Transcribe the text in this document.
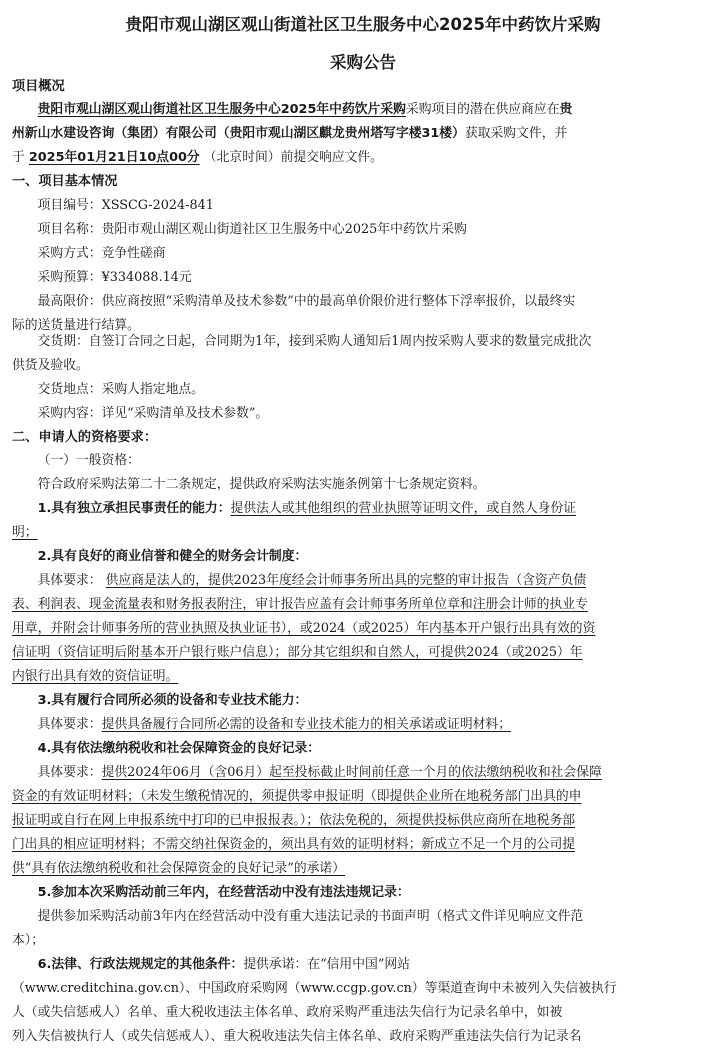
贵阳市观山湖区观山街道社区卫生服务中心2025年中药饮片采购
采购公告
项目概况
贵阳市观山湖区观山街道社区卫生服务中心2025年中药饮片采购采购项目的潜在供应商应在贵
州新山水建设咨询（集团）有限公司（贵阳市观山湖区麒龙贵州塔写字楼31楼）获取采购文件，并
于 2025年01月21日10点00分 （北京时间）前提交响应文件。
一、项目基本情况
项目编号：XSSCG-2024-841
项目名称：贵阳市观山湖区观山街道社区卫生服务中心2025年中药饮片采购
采购方式：竞争性磋商
采购预算：¥334088.14元
最高限价：供应商按照“采购清单及技术参数”中的最高单价限价进行整体下浮率报价，以最终实
际的送货量进行结算。
交货期：自签订合同之日起，合同期为1年，接到采购人通知后1周内按采购人要求的数量完成批次
供货及验收。
交货地点：采购人指定地点。
采购内容：详见“采购清单及技术参数”。
二、申请人的资格要求：
（一）一般资格：
符合政府采购法第二十二条规定，提供政府采购法实施条例第十七条规定资料。
1.具有独立承担民事责任的能力：提供法人或其他组织的营业执照等证明文件，或自然人身份证
明；
2.具有良好的商业信誉和健全的财务会计制度：
具体要求： 供应商是法人的，提供2023年度经会计师事务所出具的完整的审计报告（含资产负债
表、利润表、现金流量表和财务报表附注，审计报告应盖有会计师事务所单位章和注册会计师的执业专
用章，并附会计师事务所的营业执照及执业证书），或2024（或2025）年内基本开户银行出具有效的资
信证明（资信证明后附基本开户银行账户信息）；部分其它组织和自然人，可提供2024（或2025）年
内银行出具有效的资信证明。
3.具有履行合同所必须的设备和专业技术能力：
具体要求：提供具备履行合同所必需的设备和专业技术能力的相关承诺或证明材料；
4.具有依法缴纳税收和社会保障资金的良好记录：
具体要求：提供2024年06月（含06月）起至投标截止时间前任意一个月的依法缴纳税收和社会保障
资金的有效证明材料；（未发生缴税情况的，须提供零申报证明（即提供企业所在地税务部门出具的申
报证明或自行在网上申报系统中打印的已申报报表。）；依法免税的，须提供投标供应商所在地税务部
门出具的相应证明材料；不需交纳社保资金的，须出具有效的证明材料；新成立不足一个月的公司提
供“具有依法缴纳税收和社会保障资金的良好记录”的承诺）
5.参加本次采购活动前三年内，在经营活动中没有违法违规记录：
提供参加采购活动前3年内在经营活动中没有重大违法记录的书面声明（格式文件详见响应文件范
本）；
6.法律、行政法规规定的其他条件：提供承诺：在“信用中国”网站
（www.creditchina.gov.cn）、中国政府采购网（www.ccgp.gov.cn）等渠道查询中未被列入失信被执行
人（或失信惩戒人）名单、重大税收违法主体名单、政府采购严重违法失信行为记录名单中，如被
列入失信被执行人（或失信惩戒人）、重大税收违法失信主体名单、政府采购严重违法失信行为记录名
